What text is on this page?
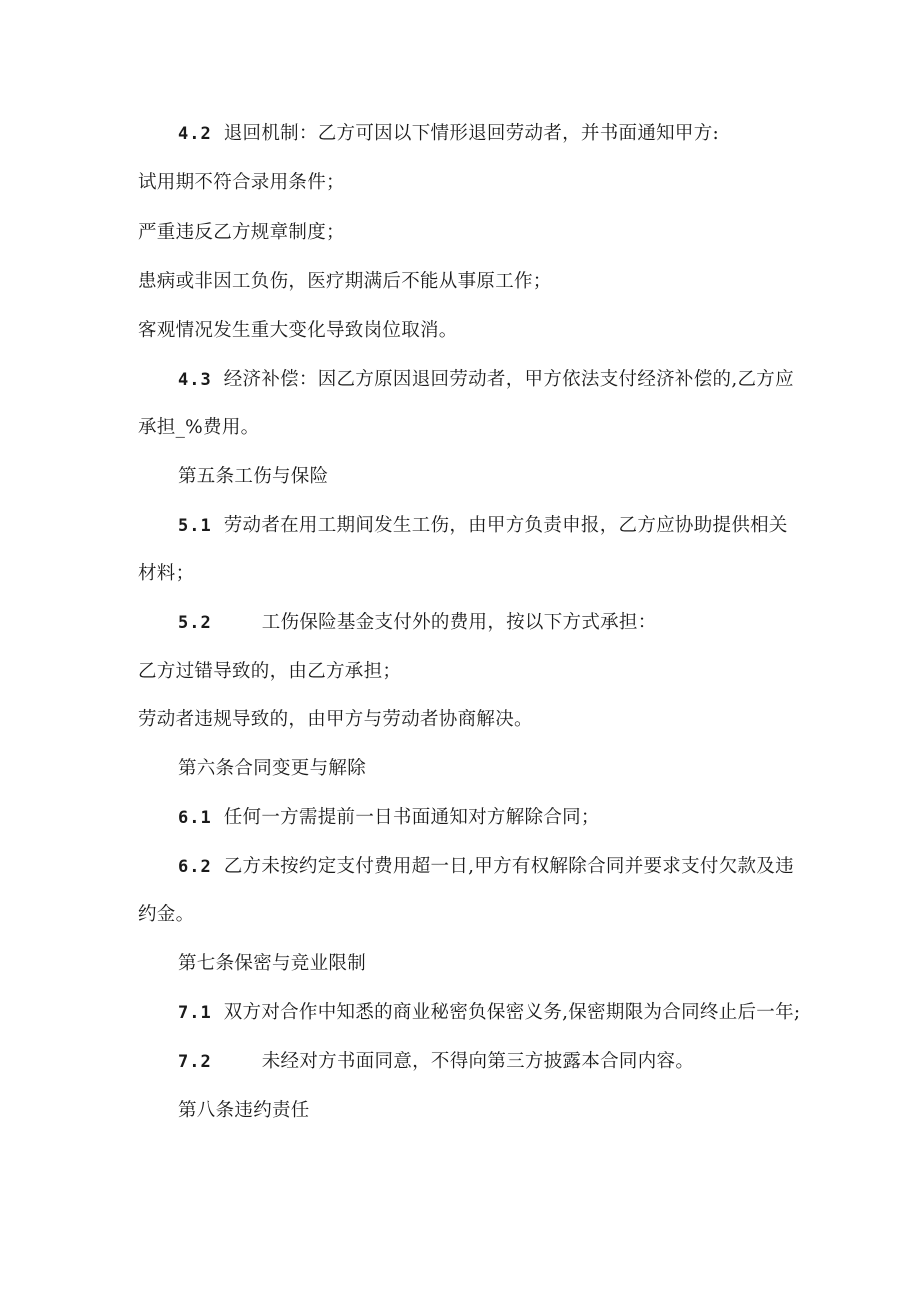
4.2 退回机制：乙方可因以下情形退回劳动者，并书面通知甲方:
试用期不符合录用条件；
严重违反乙方规章制度；
患病或非因工负伤，医疗期满后不能从事原工作；
客观情况发生重大变化导致岗位取消。
4.3 经济补偿：因乙方原因退回劳动者，甲方依法支付经济补偿的,乙方应
承担_%费用。
第五条工伤与保险
5.1 劳动者在用工期间发生工伤，由甲方负责申报，乙方应协助提供相关
材料；
5.2	工伤保险基金支付外的费用，按以下方式承担：
乙方过错导致的，由乙方承担；
劳动者违规导致的，由甲方与劳动者协商解决。
第六条合同变更与解除
6.1 任何一方需提前一日书面通知对方解除合同；
6.2 乙方未按约定支付费用超一日,甲方有权解除合同并要求支付欠款及违
约金。
第七条保密与竞业限制
7.1 双方对合作中知悉的商业秘密负保密义务,保密期限为合同终止后一年;
7.2	未经对方书面同意，不得向第三方披露本合同内容。
第八条违约责任
